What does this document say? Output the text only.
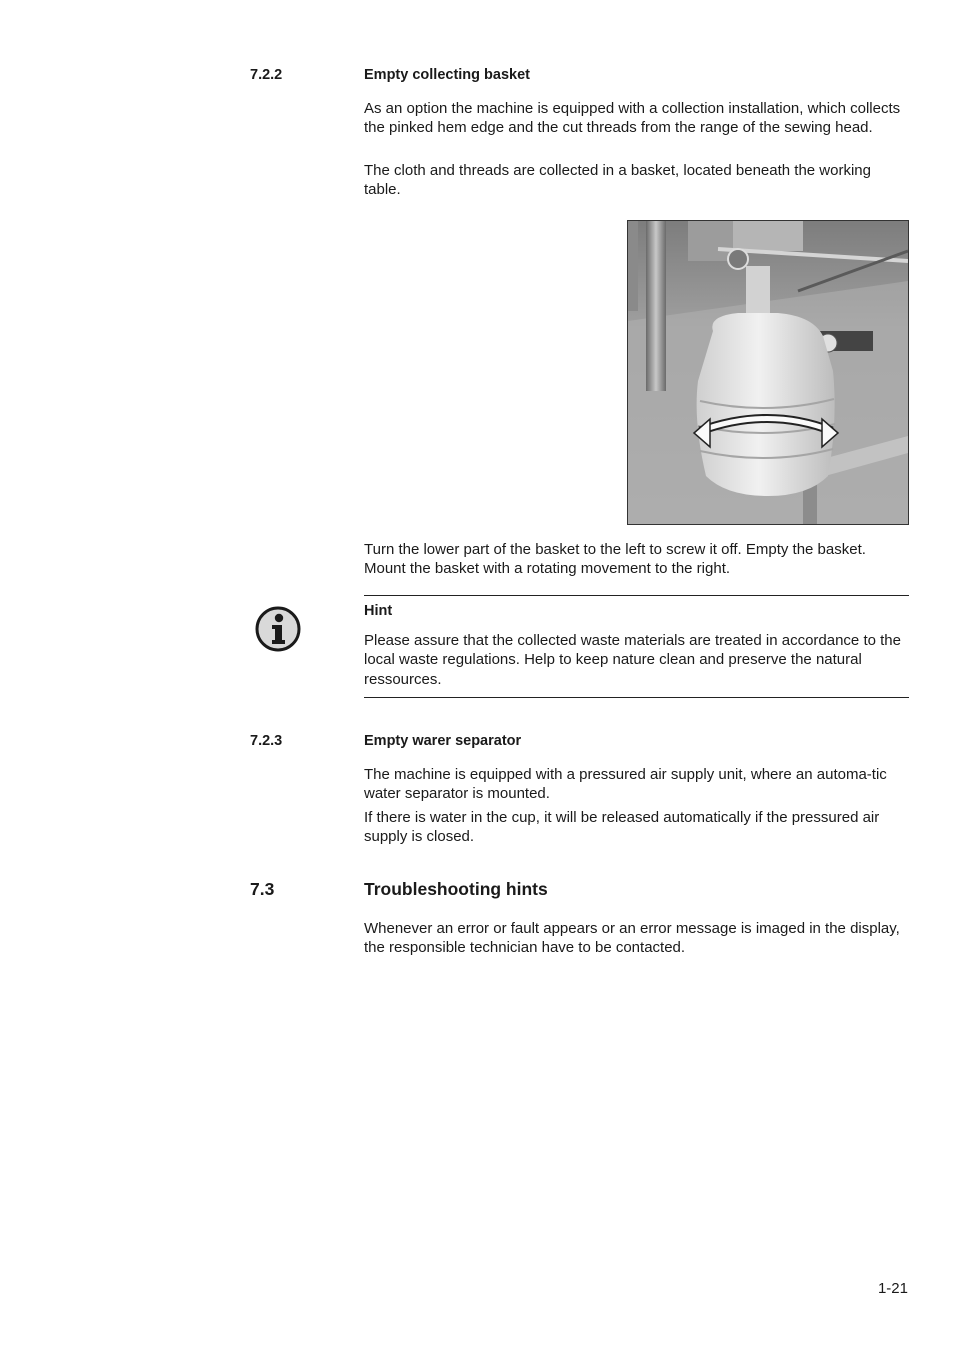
7.2.2	Empty collecting basket

As an option the machine is equipped with a collection installation, which collects the pinked hem edge and the cut threads from the range of the sewing head.

The cloth and threads are collected in a basket, located beneath the working table.

Turn the lower part of the basket to the left to screw it off. Empty the basket. Mount the basket with a rotating movement to the right.

Hint

Please assure that the collected waste materials are treated in accordance to the local waste regulations. Help to keep nature clean and preserve the natural ressources.

7.2.3	Empty warer separator

The machine is equipped with a pressured air supply unit, where an automa-tic water separator is mounted.

If there is water in the cup, it will be released automatically if the pressured air supply is closed.

7.3	Troubleshooting hints

Whenever an error or fault appears or an error message is imaged in the display, the responsible technician have to be contacted.

1-21
